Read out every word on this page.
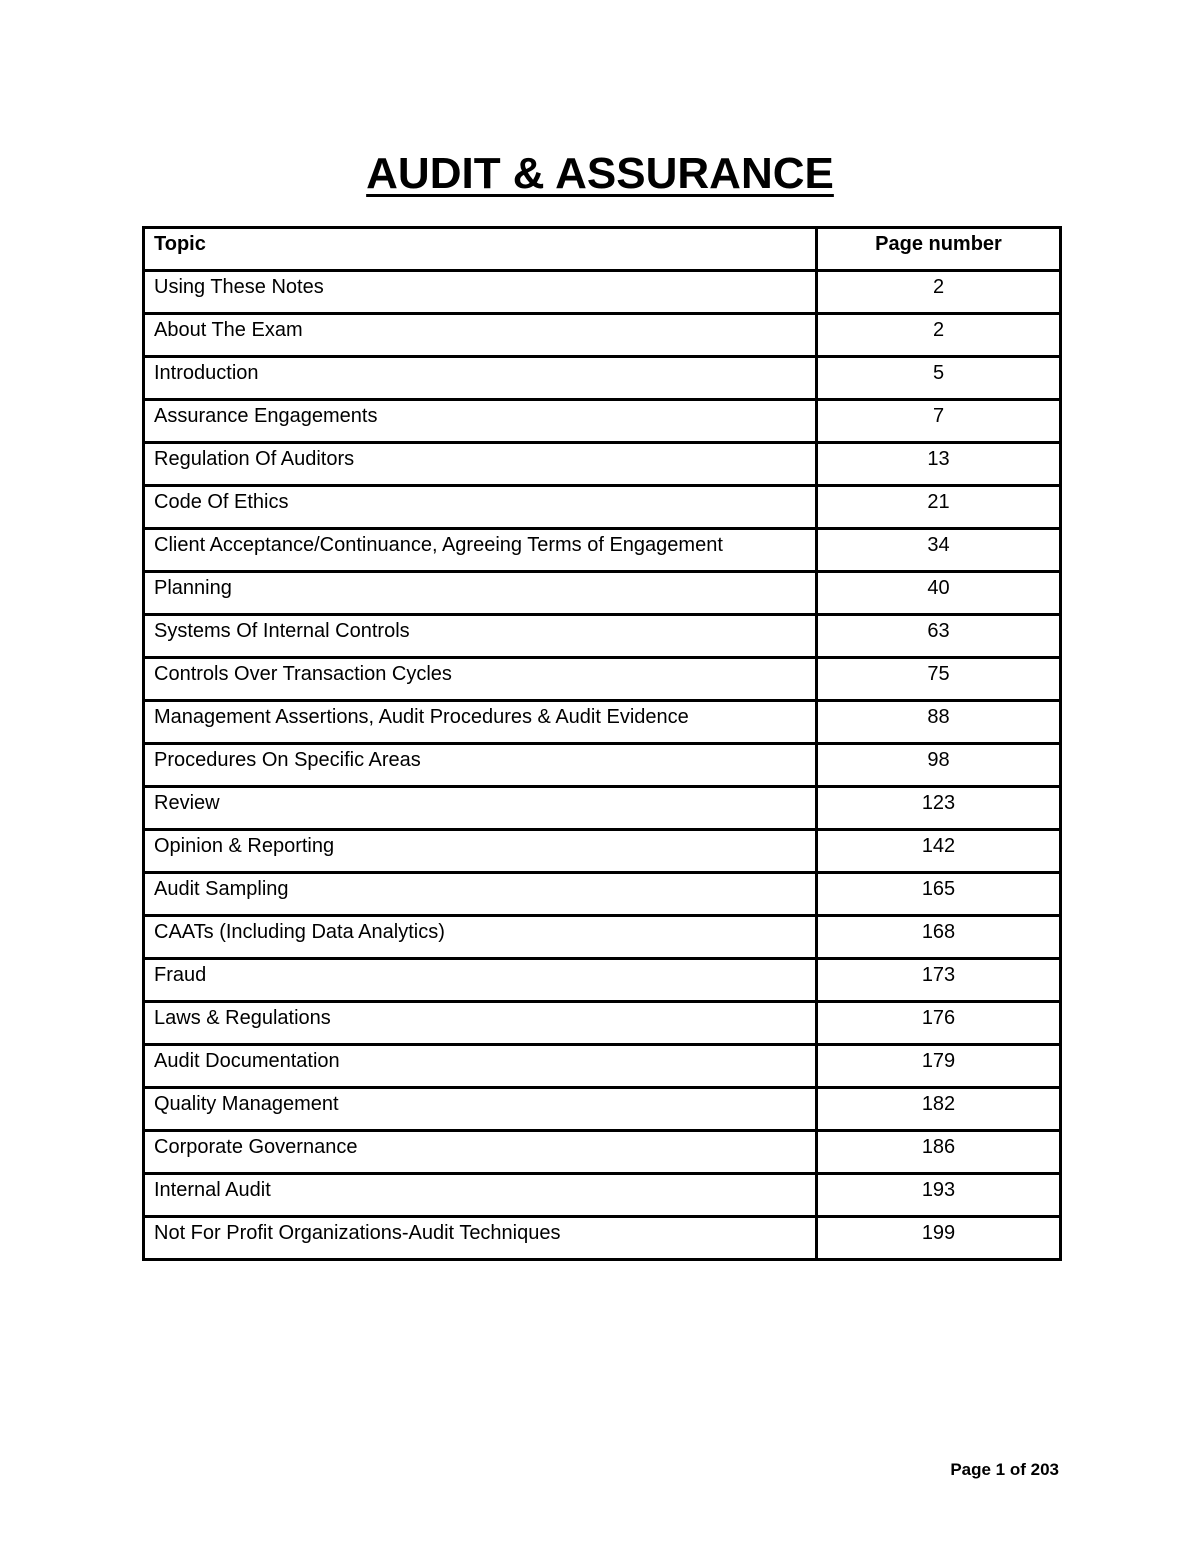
AUDIT & ASSURANCE
Topic	Page number
Using These Notes	2
About The Exam	2
Introduction	5
Assurance Engagements	7
Regulation Of Auditors	13
Code Of Ethics	21
Client Acceptance/Continuance, Agreeing Terms of Engagement	34
Planning	40
Systems Of Internal Controls	63
Controls Over Transaction Cycles	75
Management Assertions, Audit Procedures & Audit Evidence	88
Procedures On Specific Areas	98
Review	123
Opinion & Reporting	142
Audit Sampling	165
CAATs (Including Data Analytics)	168
Fraud	173
Laws & Regulations	176
Audit Documentation	179
Quality Management	182
Corporate Governance	186
Internal Audit	193
Not For Profit Organizations-Audit Techniques	199
Page 1 of 203
